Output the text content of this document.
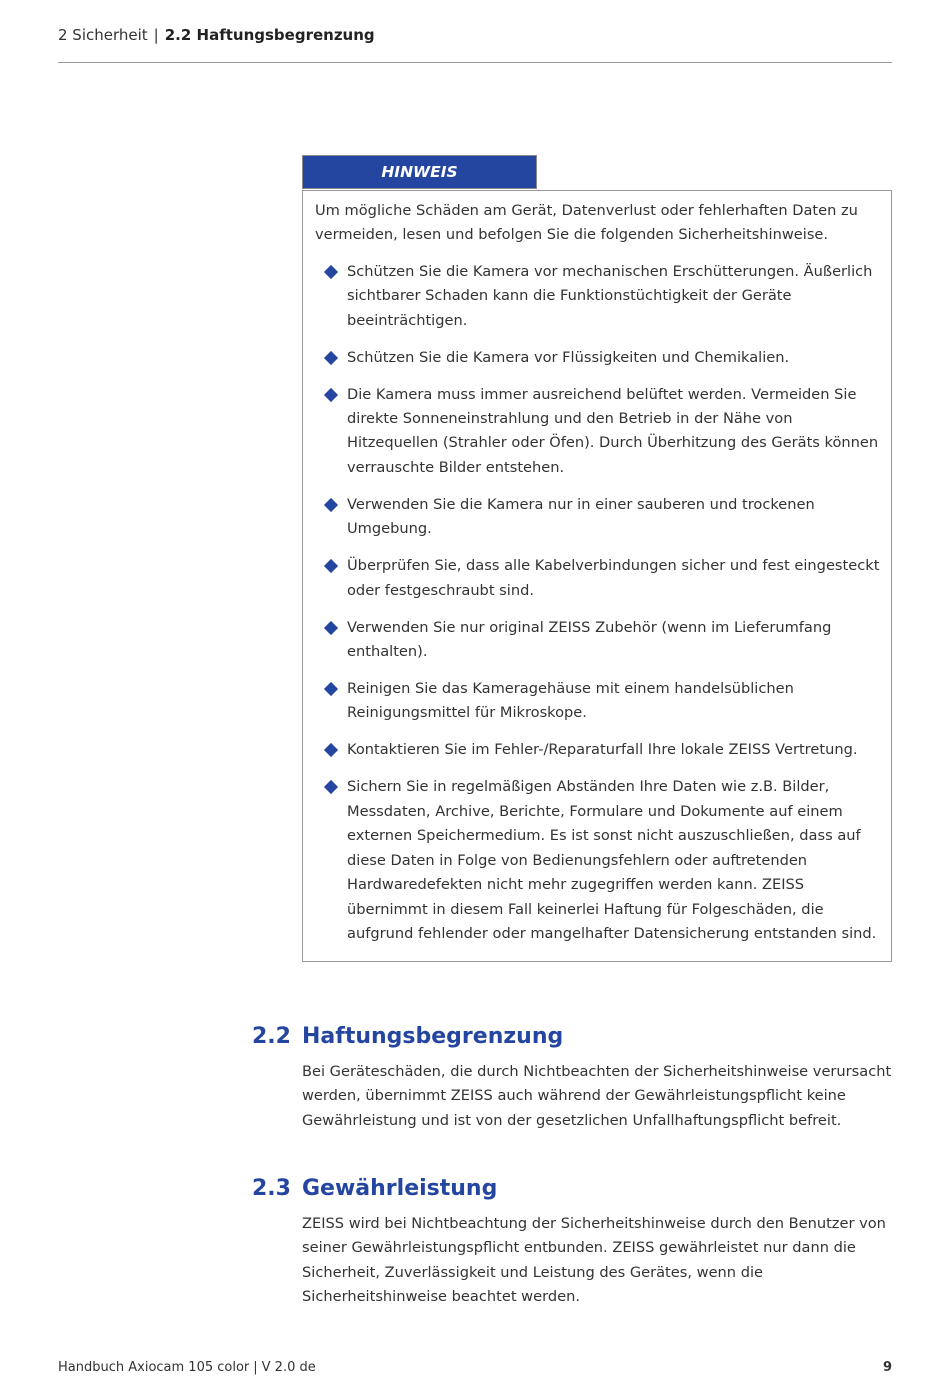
2 Sicherheit | 2.2 Haftungsbegrenzung
HINWEIS

Um mögliche Schäden am Gerät, Datenverlust oder fehlerhaften Daten zu vermeiden, lesen und befolgen Sie die folgenden Sicherheitshinweise.

Schützen Sie die Kamera vor mechanischen Erschütterungen. Äußerlich sichtbarer Schaden kann die Funktionstüchtigkeit der Geräte beeinträchtigen.
Schützen Sie die Kamera vor Flüssigkeiten und Chemikalien.
Die Kamera muss immer ausreichend belüftet werden. Vermeiden Sie direkte Sonneneinstrahlung und den Betrieb in der Nähe von Hitzequellen (Strahler oder Öfen). Durch Überhitzung des Geräts können verrauschte Bilder entstehen.
Verwenden Sie die Kamera nur in einer sauberen und trockenen Umgebung.
Überprüfen Sie, dass alle Kabelverbindungen sicher und fest eingesteckt oder festgeschraubt sind.
Verwenden Sie nur original ZEISS Zubehör (wenn im Lieferumfang enthalten).
Reinigen Sie das Kameragehäuse mit einem handelsüblichen Reinigungsmittel für Mikroskope.
Kontaktieren Sie im Fehler-/Reparaturfall Ihre lokale ZEISS Vertretung.
Sichern Sie in regelmäßigen Abständen Ihre Daten wie z.B. Bilder, Messdaten, Archive, Berichte, Formulare und Dokumente auf einem externen Speichermedium. Es ist sonst nicht auszuschließen, dass auf diese Daten in Folge von Bedienungsfehlern oder auftretenden Hardwaredefekten nicht mehr zugegriffen werden kann. ZEISS übernimmt in diesem Fall keinerlei Haftung für Folgeschäden, die aufgrund fehlender oder mangelhafter Datensicherung entstanden sind.
2.2 Haftungsbegrenzung

Bei Geräteschäden, die durch Nichtbeachten der Sicherheitshinweise verursacht werden, übernimmt ZEISS auch während der Gewährleistungspflicht keine Gewährleistung und ist von der gesetzlichen Unfallhaftungspflicht befreit.

2.3 Gewährleistung

ZEISS wird bei Nichtbeachtung der Sicherheitshinweise durch den Benutzer von seiner Gewährleistungspflicht entbunden. ZEISS gewährleistet nur dann die Sicherheit, Zuverlässigkeit und Leistung des Gerätes, wenn die Sicherheitshinweise beachtet werden.

Handbuch Axiocam 105 color | V 2.0 de	9
